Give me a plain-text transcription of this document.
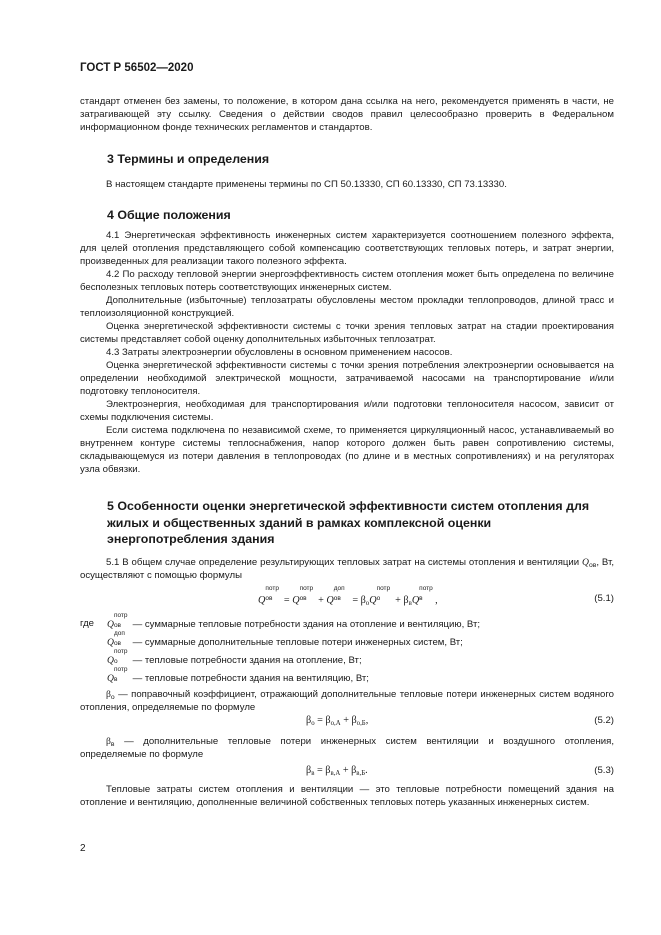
ГОСТ Р 56502—2020

стандарт отменен без замены, то положение, в котором дана ссылка на него, рекомендуется применять в части, не затрагивающей эту ссылку. Сведения о действии сводов правил целесообразно проверить в Федеральном информационном фонде технических регламентов и стандартов.

3 Термины и определения

В настоящем стандарте применены термины по СП 50.13330, СП 60.13330, СП 73.13330.

4 Общие положения

4.1 Энергетическая эффективность инженерных систем характеризуется соотношением полезного эффекта, для целей отопления представляющего собой компенсацию соответствующих тепловых потерь, и затрат энергии, произведенных для реализации такого полезного эффекта.

4.2 По расходу тепловой энергии энергоэффективность систем отопления может быть определена по величине бесполезных тепловых потерь соответствующих инженерных систем.

Дополнительные (избыточные) теплозатраты обусловлены местом прокладки теплопроводов, длиной трасс и теплоизоляционной конструкцией.

Оценка энергетической эффективности системы с точки зрения тепловых затрат на стадии проектирования системы представляет собой оценку дополнительных избыточных теплозатрат.

4.3 Затраты электроэнергии обусловлены в основном применением насосов.

Оценка энергетической эффективности системы с точки зрения потребления электроэнергии основывается на определении необходимой электрической мощности, затрачиваемой насосами на транспортирование и/или подготовку теплоносителя.

Электроэнергия, необходимая для транспортирования и/или подготовки теплоносителя насосом, зависит от схемы подключения системы.

Если система подключена по независимой схеме, то применяется циркуляционный насос, устанавливаемый во внутреннем контуре системы теплоснабжения, напор которого должен быть равен сопротивлению системы, складывающемуся из потери давления в теплопроводах (по длине и в местных сопротивлениях) и на регуляторах узла обвязки.

5 Особенности оценки энергетической эффективности систем отопления для жилых и общественных зданий в рамках комплексной оценки энергопотребления здания

5.1 В общем случае определение результирующих тепловых затрат на системы отопления и вентиляции $Q_{ов}$, Вт, осуществляют с помощью формулы

Q
потр
ов = Q
потр
ов + Q
доп
ов = $\beta_оQ$
потр
$о + \beta_вQ$
потр
в ,	(5.1)
где Q
потр
ов — суммарные тепловые потребности здания на отопление и вентиляцию, Вт;
Q
доп
ов — суммарные дополнительные тепловые потери инженерных систем, Вт;
Q
потр
о — тепловые потребности здания на отопление, Вт;
Q
потр
в — тепловые потребности здания на вентиляцию, Вт;

$\beta_о$ — поправочный коэффициент, отражающий дополнительные тепловые потери инженерных систем водяного отопления, определяемые по формуле

$\beta_о = \beta_{о,А} + \beta_{о,Б}$,	(5.2)

$\beta_в$ — дополнительные тепловые потери инженерных систем вентиляции и воздушного отопления, определяемые по формуле

$\beta_в = \beta_{в,А} + \beta_{в,Б}$.	(5.3)

Тепловые затраты систем отопления и вентиляции — это тепловые потребности помещений здания на отопление и вентиляцию, дополненные величиной собственных тепловых потерь указанных инженерных систем.

2
